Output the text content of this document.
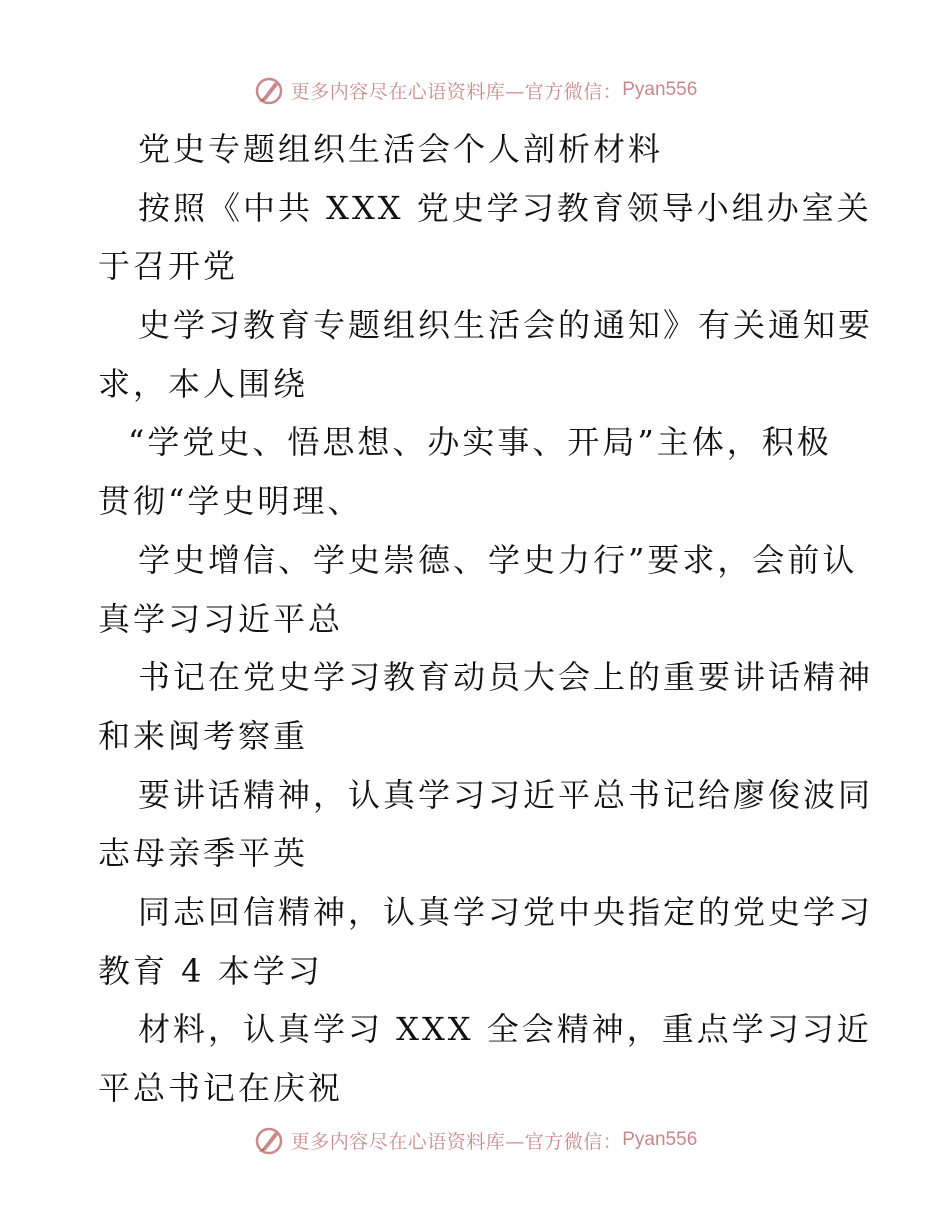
更多内容尽在心语资料库—官方微信： Pyan556
党史专题组织生活会个人剖析材料
按照《中共 XXX 党史学习教育领导小组办室关
于召开党
史学习教育专题组织生活会的通知》有关通知要
求，本人围绕
“学党史、悟思想、办实事、开局”主体，积极
贯彻“学史明理、
学史增信、学史崇德、学史力行”要求，会前认
真学习习近平总
书记在党史学习教育动员大会上的重要讲话精神
和来闽考察重
要讲话精神，认真学习习近平总书记给廖俊波同
志母亲季平英
同志回信精神，认真学习党中央指定的党史学习
教育 4 本学习
材料，认真学习 XXX 全会精神，重点学习习近
平总书记在庆祝
更多内容尽在心语资料库—官方微信： Pyan556
